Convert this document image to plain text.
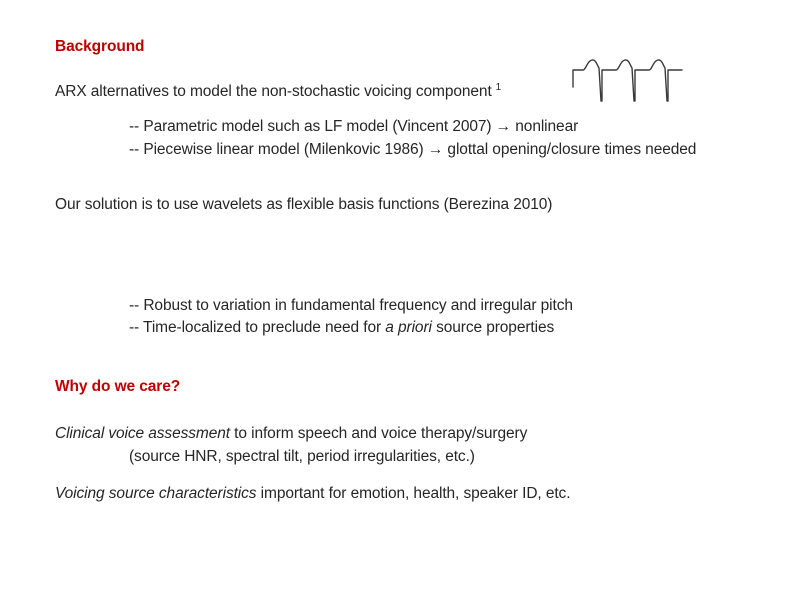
Background
ARX alternatives to model the non-stochastic voicing component $^1$
-- Parametric model such as LF model (Vincent 2007) → nonlinear
-- Piecewise linear model (Milenkovic 1986) → glottal opening/closure times needed
Our solution is to use wavelets as flexible basis functions (Berezina 2010)
-- Robust to variation in fundamental frequency and irregular pitch
-- Time-localized to preclude need for a priori source properties
Why do we care?
Clinical voice assessment to inform speech and voice therapy/surgery
(source HNR, spectral tilt, period irregularities, etc.)
Voicing source characteristics important for emotion, health, speaker ID, etc.
